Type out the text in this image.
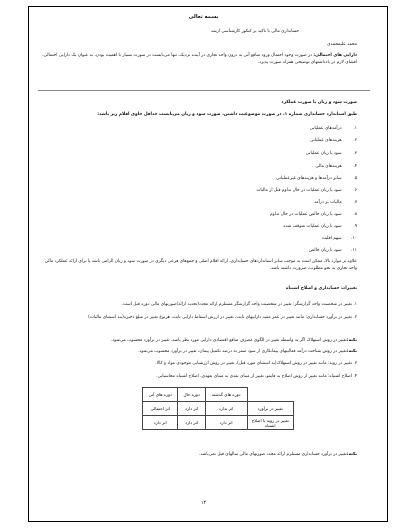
بسمه تعالی
حسابداری مالی با تاکید بر کنکور کارشناسی ارشد
محمد علیمحمدی
دارایی های احتمالی: در صورت وجود احتمال ورود منافع آتی به درون واحد تجاری در آینده نزدیک، تنها می‌بایست در صورت بسیار با اهمیت بودن، به عنوان یک دارایی احتمالی، افشای لازم در یادداشتهای توضیحی همراه صورت پذیرد.
صورت سود و زیان یا صورت عملکرد
طبق استاندارد حسابداری شماره ۱، در صورت موضوعیت داشتن، صورت سود و زیان می‌بایست حداقل حاوی اقلام زیر باشد:
۱. درآمدهای عملیاتی
۲. هزینه‌های عملیاتی
۳. سود یا زیان عملیاتی
۴. هزینه‌های مالی
۵. سایر درآمدها و هزینه‌های غیرعملیاتی
۶. سود یا زیان عملیات در حال تداوم قبل از مالیات
۷. مالیات بر درآمد
۸. سود یا زیان خالص عملیات در حال تداوم
۹. سود یا زیان عملیات متوقف شده
۱۰. سهم اقلیت
۱۱. سود یا زیان خالص
علاوه بر موارد بالا، ممکن است به موجب سایر استانداردهای حسابداری، ارائه اقلام اصلی و جمع‌های فرعی دیگری در صورت سود و زیان الزامی باشد یا برای ارائه عملکرد مالی واحد تجاری به نحو مطلوب، ضرورت داشته باشد.
تغییرات حسابداری و اصلاح اشتباه
۱. تغییر در شخصیت واحد گزارشگر: تغییر در شخصیت واحد گزارشگر مستلزم ارائه مجدد(تجدید ارائه)صورتهای مالی دوره قبل است.
۲. تغییر در برآورد حسابداری: مانند تغییر در عمر مفید داراییهای ثابت، تغییر در ارزش اسقاط دارایی ثابت، هرنوع تغییر در مبلغ ذخیره(بند استثنای مالیات)
نکته:تغییر در روش استهلاک اگر به واسطه تغییر در الگوی مصرف منافع اقتصادی دارایی مورد نظر باشد، تغییر در برآورد محسوب می‌شود.
نکته:تغییر در روش شناخت درآمد فعالیتهای پیمانکاری از سود صفر به درصد تکمیل پیمان، تغییر در برآورد محسوب می‌شود.
۳. تغییر در رویه: مانند تغییر در روش استهلاک(به استثنای مورد قبل)، تغییر در روش ارزشیابی موجودی مواد و کالا.
۴. اصلاح اشتباه: مانند تغییر از روش اصلاح به فایفو، تغییر از مبنای نقدی به مبنای تعهدی، اصلاح اشتباه محاسباتی.
	دوره های گذشته	دوره حال	دوره های آتی
تغییر در برآورد	اثر ندارد	اثر دارد	اثر احتمالی
تغییر در رویه یا اصلاح اشتباه	اثر دارد	اثر دارد	اثر دارد
نکته:تغییر در برآورد حسابداری مستلزم ارائه مجدد صورتهای مالی سالهای قبل نمی‌باشد.
۱۴
